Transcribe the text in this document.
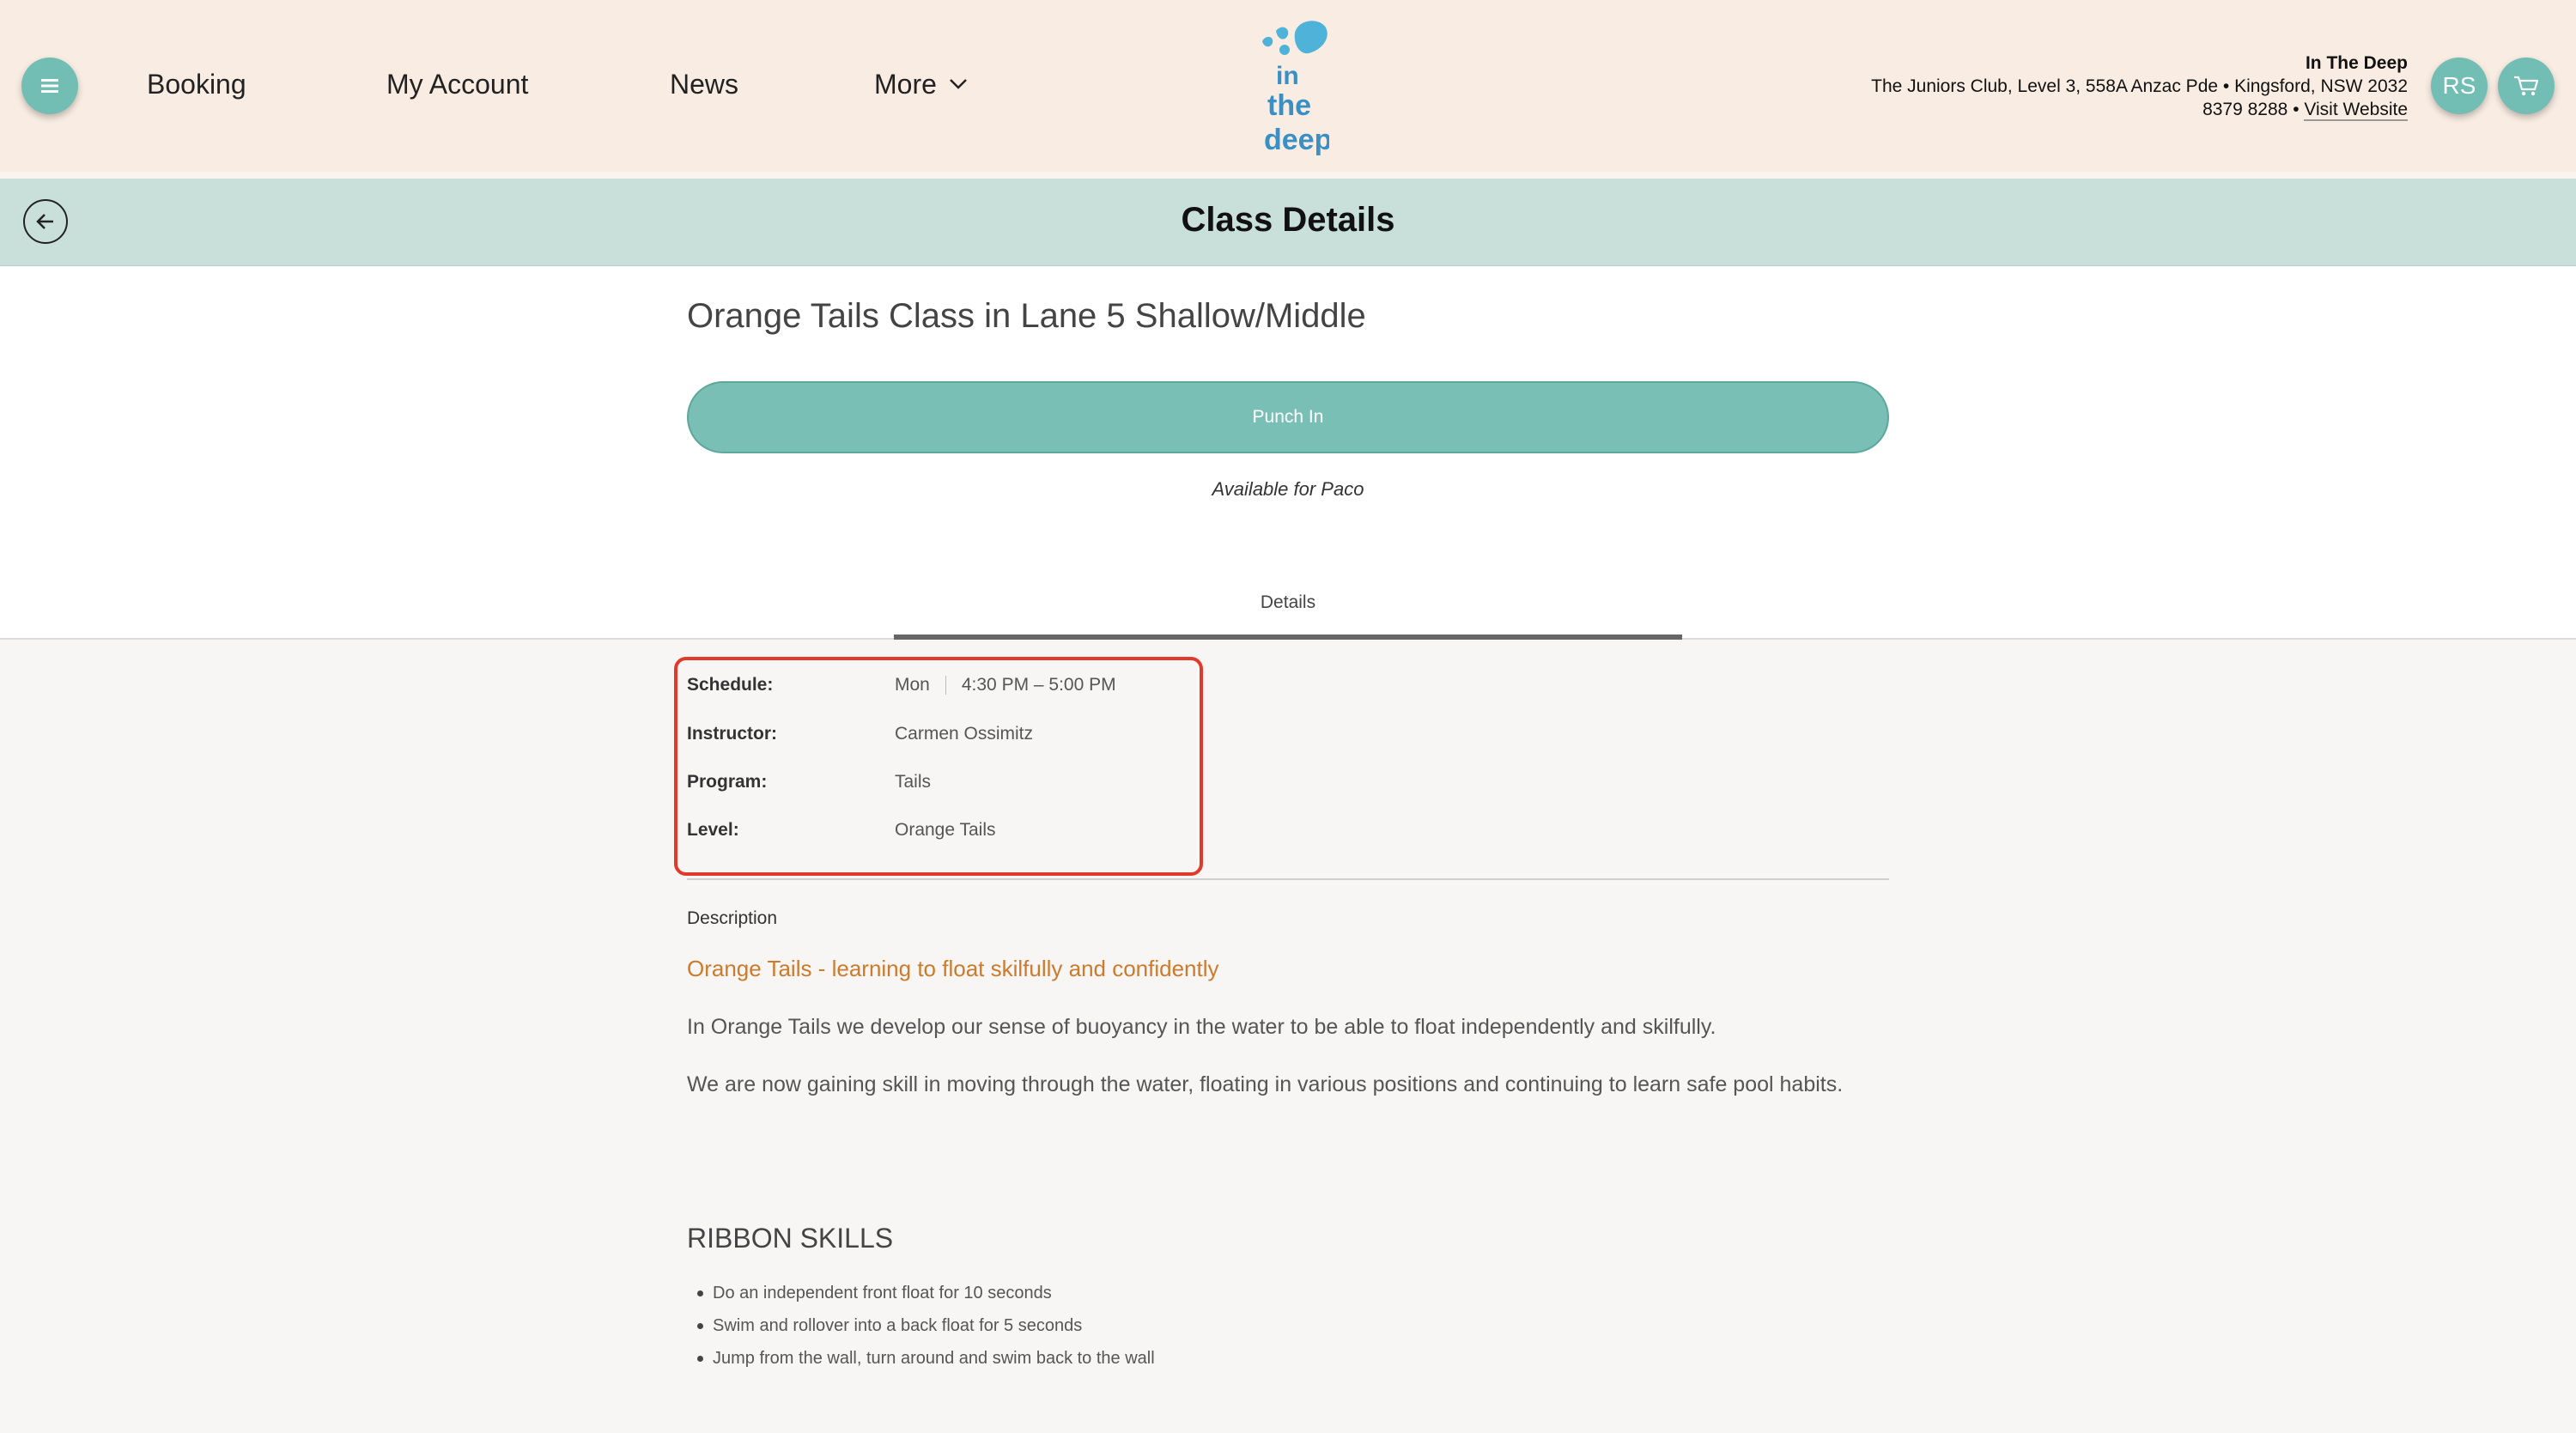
Booking	My Account	News	More	in
the
deep
In The Deep
The Juniors Club, Level 3, 558A Anzac Pde • Kingsford, NSW 2032
8379 8288 • Visit Website
RS
Class Details
Orange Tails Class in Lane 5 Shallow/Middle
Punch In
Available for Paco
Details
Schedule:	Mon 4:30 PM – 5:00 PM
Instructor:	Carmen Ossimitz
Program:	Tails
Level:	Orange Tails
Description
Orange Tails - learning to float skilfully and confidently
In Orange Tails we develop our sense of buoyancy in the water to be able to float independently and skilfully.
We are now gaining skill in moving through the water, floating in various positions and continuing to learn safe pool habits.
RIBBON SKILLS
Do an independent front float for 10 seconds
Swim and rollover into a back float for 5 seconds
Jump from the wall, turn around and swim back to the wall
